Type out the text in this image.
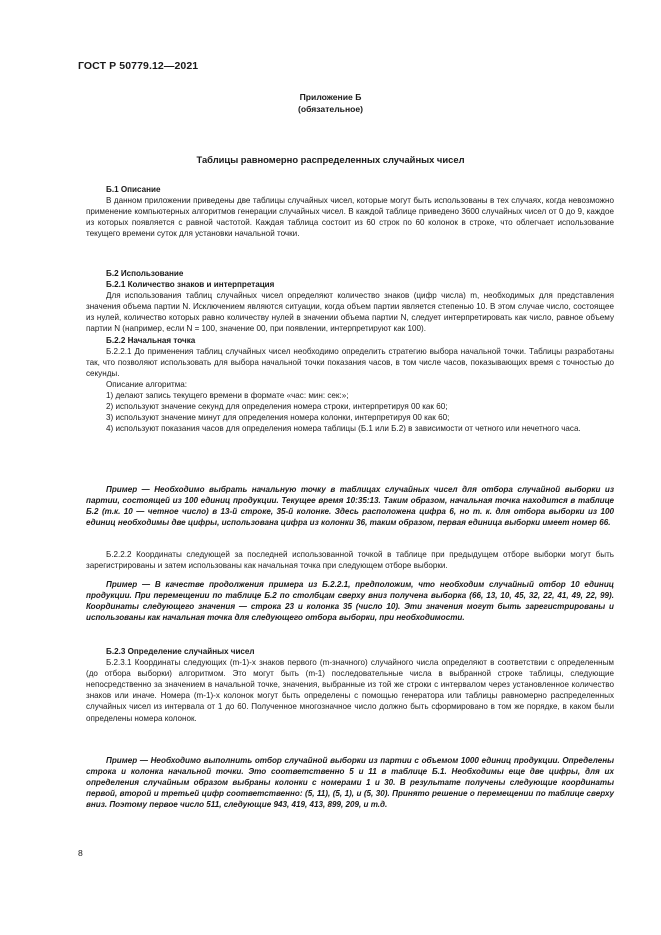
ГОСТ Р 50779.12—2021
Приложение Б
(обязательное)
Таблицы равномерно распределенных случайных чисел

Б.1 Описание

В данном приложении приведены две таблицы случайных чисел, которые могут быть использованы в тех случаях, когда невозможно применение компьютерных алгоритмов генерации случайных чисел. В каждой таблице приведено 3600 случайных чисел от 0 до 9, каждое из которых появляется с равной частотой. Каждая таблица состоит из 60 строк по 60 колонок в строке, что облегчает использование текущего времени суток для установки начальной точки.

Б.2 Использование

Б.2.1 Количество знаков и интерпретация

Для использования таблиц случайных чисел определяют количество знаков (цифр числа) m, необходимых для представления значения объема партии N. Исключением являются ситуации, когда объем партии является степенью 10. В этом случае число, состоящее из нулей, количество которых равно количеству нулей в значении объема партии N, следует интерпретировать как число, равное объему партии N (например, если N = 100, значение 00, при появлении, интерпретируют как 100).

Б.2.2 Начальная точка

Б.2.2.1 До применения таблиц случайных чисел необходимо определить стратегию выбора начальной точки. Таблицы разработаны так, что позволяют использовать для выбора начальной точки показания часов, в том числе часов, показывающих время с точностью до секунды.

Описание алгоритма:

1) делают запись текущего времени в формате «час: мин: сек:»;

2) используют значение секунд для определения номера строки, интерпретируя 00 как 60;

3) используют значение минут для определения номера колонки, интерпретируя 00 как 60;

4) используют показания часов для определения номера таблицы (Б.1 или Б.2) в зависимости от четного или нечетного часа.

Пример — Необходимо выбрать начальную точку в таблицах случайных чисел для отбора случайной выборки из партии, состоящей из 100 единиц продукции. Текущее время 10:35:13. Таким образом, начальная точка находится в таблице Б.2 (т.к. 10 — четное число) в 13-й строке, 35-й колонке. Здесь расположена цифра 6, но т. к. для отбора выборки из 100 единиц необходимы две цифры, использована цифра из колонки 36, таким образом, первая единица выборки имеет номер 66.

Б.2.2.2 Координаты следующей за последней использованной точкой в таблице при предыдущем отборе выборки могут быть зарегистрированы и затем использованы как начальная точка при следующем отборе выборки.

Пример — В качестве продолжения примера из Б.2.2.1, предположим, что необходим случайный отбор 10 единиц продукции. При перемещении по таблице Б.2 по столбцам сверху вниз получена выборка (66, 13, 10, 45, 32, 22, 41, 49, 22, 99). Координаты следующего значения — строка 23 и колонка 35 (число 10). Эти значения могут быть зарегистрированы и использованы как начальная точка для следующего отбора выборки, при необходимости.

Б.2.3 Определение случайных чисел

Б.2.3.1 Координаты следующих (m-1)-х знаков первого (m-значного) случайного числа определяют в соответствии с определенным (до отбора выборки) алгоритмом. Это могут быть (m-1) последовательные числа в выбранной строке таблицы, следующие непосредственно за значением в начальной точке, значения, выбранные из той же строки с интервалом через установленное количество знаков или иначе. Номера (m-1)-х колонок могут быть определены с помощью генератора или таблицы равномерно распределенных случайных чисел из интервала от 1 до 60. Полученное многозначное число должно быть сформировано в том же порядке, в каком были определены номера колонок.

Пример — Необходимо выполнить отбор случайной выборки из партии с объемом 1000 единиц продукции. Определены строка и колонка начальной точки. Это соответственно 5 и 11 в таблице Б.1. Необходимы еще две цифры, для их определения случайным образом выбраны колонки с номерами 1 и 30. В результате получены следующие координаты первой, второй и третьей цифр соответственно: (5, 11), (5, 1), и (5, 30). Принято решение о перемещении по таблице сверху вниз. Поэтому первое число 511, следующие 943, 419, 413, 899, 209, и т.д.

8
